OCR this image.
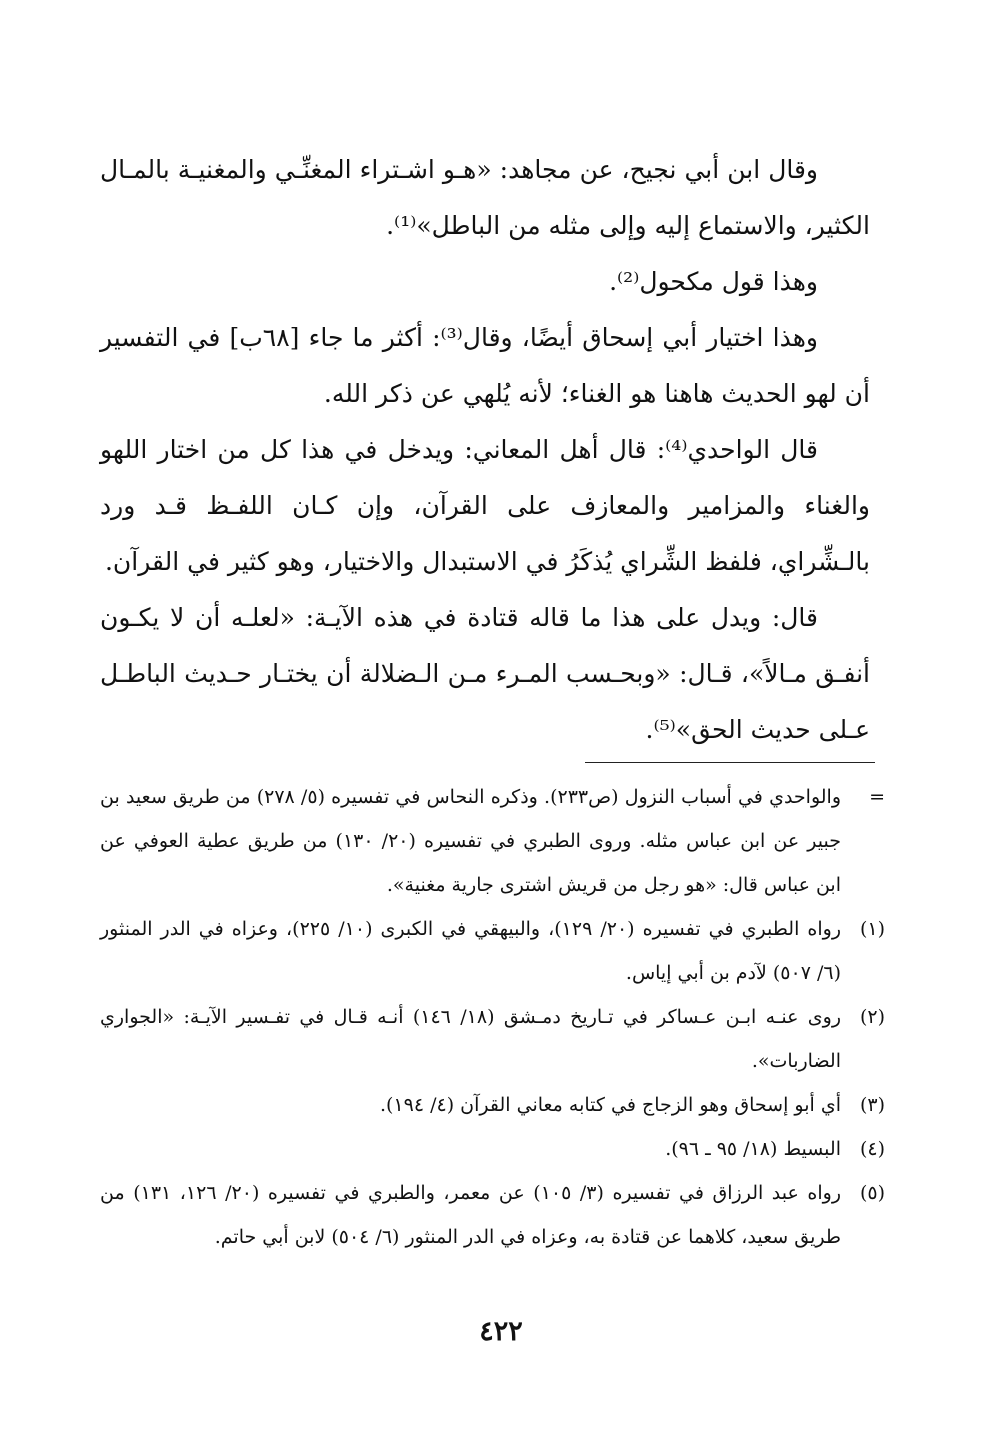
وقال ابن أبي نجيح، عن مجاهد: «هـو اشـتراء المغنِّـي والمغنيـة بالمـال الكثير، والاستماع إليه وإلى مثله من الباطل»⁽¹⁾.

وهذا قول مكحول⁽²⁾.

وهذا اختيار أبي إسحاق أيضًا، وقال⁽³⁾: أكثر ما جاء [٦٨ب] في التفسير أن لهو الحديث هاهنا هو الغناء؛ لأنه يُلهي عن ذكر الله.

قال الواحدي⁽⁴⁾: قال أهل المعاني: ويدخل في هذا كل من اختار اللهو والغناء والمزامير والمعازف على القرآن، وإن كـان اللفـظ قـد ورد بالـشِّراي، فلفظ الشِّراي يُذكَرُ في الاستبدال والاختيار، وهو كثير في القرآن.

قال: ويدل على هذا ما قاله قتادة في هذه الآيـة: «لعلـه أن لا يكـون أنفـق مـالاً»، قـال: «وبحـسب المـرء مـن الـضلالة أن يختـار حـديث الباطـل عـلى حديث الحق»⁽⁵⁾.

=
والواحدي في أسباب النزول (ص٢٣٣). وذكره النحاس في تفسيره (٥/ ٢٧٨) من طريق سعيد بن جبير عن ابن عباس مثله. وروى الطبري في تفسيره (٢٠/ ١٣٠) من طريق عطية العوفي عن ابن عباس قال: «هو رجل من قريش اشترى جارية مغنية».
(١)
رواه الطبري في تفسيره (٢٠/ ١٢٩)، والبيهقي في الكبرى (١٠/ ٢٢٥)، وعزاه في الدر المنثور (٦/ ٥٠٧) لآدم بن أبي إياس.
(٢)
روى عنـه ابـن عـساكر في تـاريخ دمـشق (١٨/ ١٤٦) أنـه قـال في تفـسير الآيـة: «الجواري الضاربات».
(٣)
أي أبو إسحاق وهو الزجاج في كتابه معاني القرآن (٤/ ١٩٤).
(٤)
البسيط (١٨/ ٩٥ ـ ٩٦).
(٥)
رواه عبد الرزاق في تفسيره (٣/ ١٠٥) عن معمر، والطبري في تفسيره (٢٠/ ١٢٦، ١٣١) من طريق سعيد، كلاهما عن قتادة به، وعزاه في الدر المنثور (٦/ ٥٠٤) لابن أبي حاتم.
٤٢٢
